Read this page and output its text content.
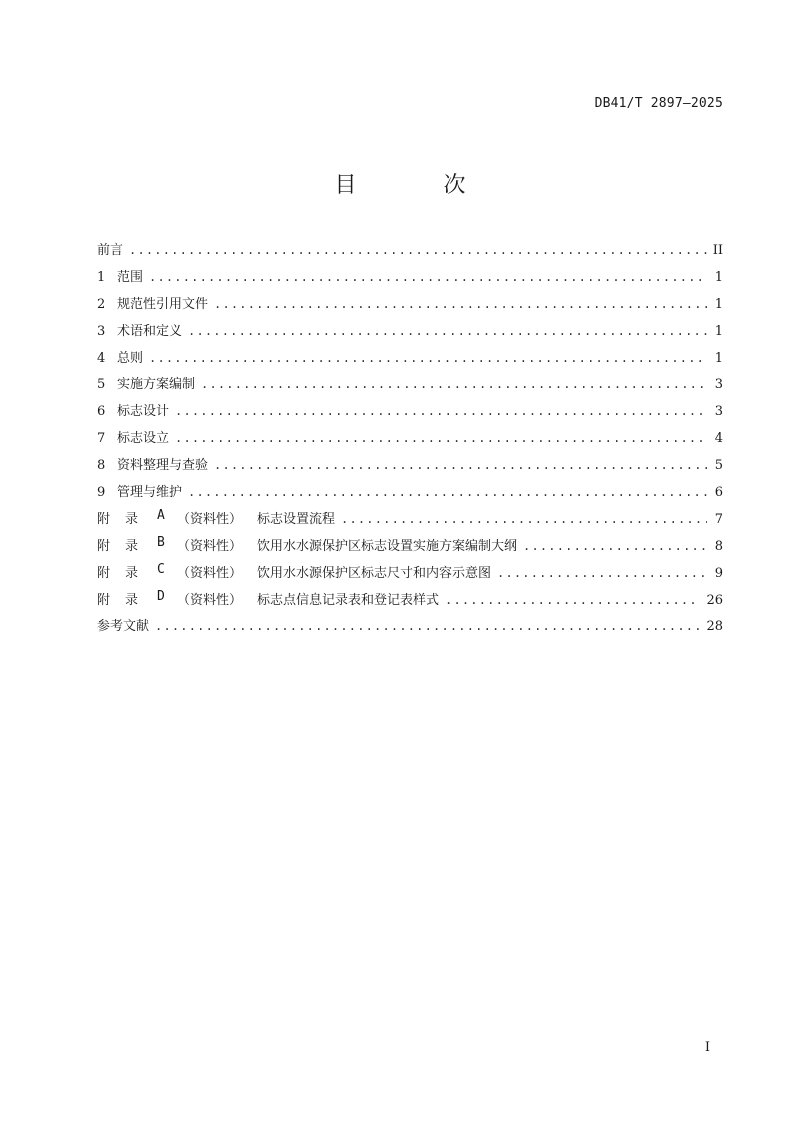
DB41/T 2897—2025
目 次
前言 .....	II
1 范围 .....	1
2 规范性引用文件 .....	1
3 术语和定义 .....	1
4 总则 .....	1
5 实施方案编制 .....	3
6 标志设计 .....	3
7 标志设立 .....	4
8 资料整理与查验 .....	5
9 管理与维护 .....	6
附	录	A （资料性）	标志设置流程 .....	7
附	录	B （资料性）	饮用水水源保护区标志设置实施方案编制大纲 .....	8
附	录	C （资料性）	饮用水水源保护区标志尺寸和内容示意图 .....	9
附	录	D （资料性）	标志点信息记录表和登记表样式 .....	26
参考文献 .....	28
I
